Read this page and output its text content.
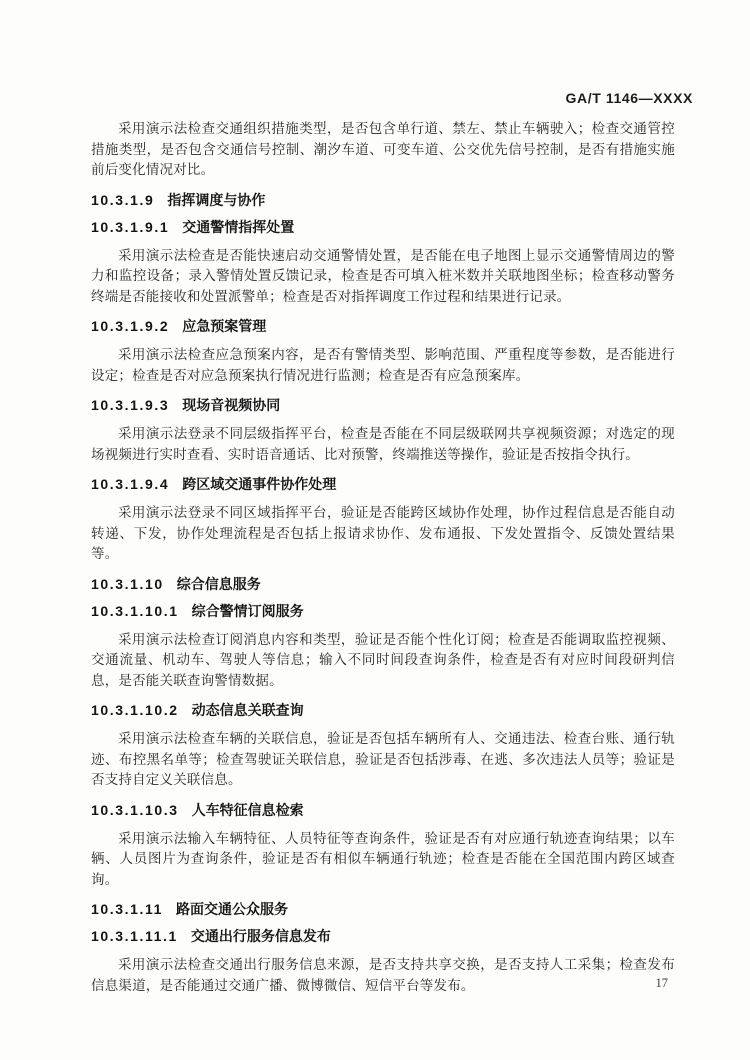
GA/T 1146—XXXX

采用演示法检查交通组织措施类型，是否包含单行道、禁左、禁止车辆驶入；检查交通管控措施类型，是否包含交通信号控制、潮汐车道、可变车道、公交优先信号控制，是否有措施实施前后变化情况对比。

10.3.1.9 指挥调度与协作
10.3.1.9.1 交通警情指挥处置

采用演示法检查是否能快速启动交通警情处置，是否能在电子地图上显示交通警情周边的警力和监控设备；录入警情处置反馈记录，检查是否可填入桩米数并关联地图坐标；检查移动警务终端是否能接收和处置派警单；检查是否对指挥调度工作过程和结果进行记录。

10.3.1.9.2 应急预案管理

采用演示法检查应急预案内容，是否有警情类型、影响范围、严重程度等参数，是否能进行设定；检查是否对应急预案执行情况进行监测；检查是否有应急预案库。

10.3.1.9.3 现场音视频协同

采用演示法登录不同层级指挥平台，检查是否能在不同层级联网共享视频资源；对选定的现场视频进行实时查看、实时语音通话、比对预警，终端推送等操作，验证是否按指令执行。

10.3.1.9.4 跨区域交通事件协作处理

采用演示法登录不同区域指挥平台，验证是否能跨区域协作处理，协作过程信息是否能自动转递、下发，协作处理流程是否包括上报请求协作、发布通报、下发处置指令、反馈处置结果等。

10.3.1.10 综合信息服务
10.3.1.10.1 综合警情订阅服务

采用演示法检查订阅消息内容和类型，验证是否能个性化订阅；检查是否能调取监控视频、交通流量、机动车、驾驶人等信息；输入不同时间段查询条件，检查是否有对应时间段研判信息，是否能关联查询警情数据。

10.3.1.10.2 动态信息关联查询

采用演示法检查车辆的关联信息，验证是否包括车辆所有人、交通违法、检查台账、通行轨迹、布控黑名单等；检查驾驶证关联信息，验证是否包括涉毒、在逃、多次违法人员等；验证是否支持自定义关联信息。

10.3.1.10.3 人车特征信息检索

采用演示法输入车辆特征、人员特征等查询条件，验证是否有对应通行轨迹查询结果；以车辆、人员图片为查询条件，验证是否有相似车辆通行轨迹；检查是否能在全国范围内跨区域查询。

10.3.1.11 路面交通公众服务
10.3.1.11.1 交通出行服务信息发布

采用演示法检查交通出行服务信息来源，是否支持共享交换，是否支持人工采集；检查发布信息渠道，是否能通过交通广播、微博微信、短信平台等发布。	17
